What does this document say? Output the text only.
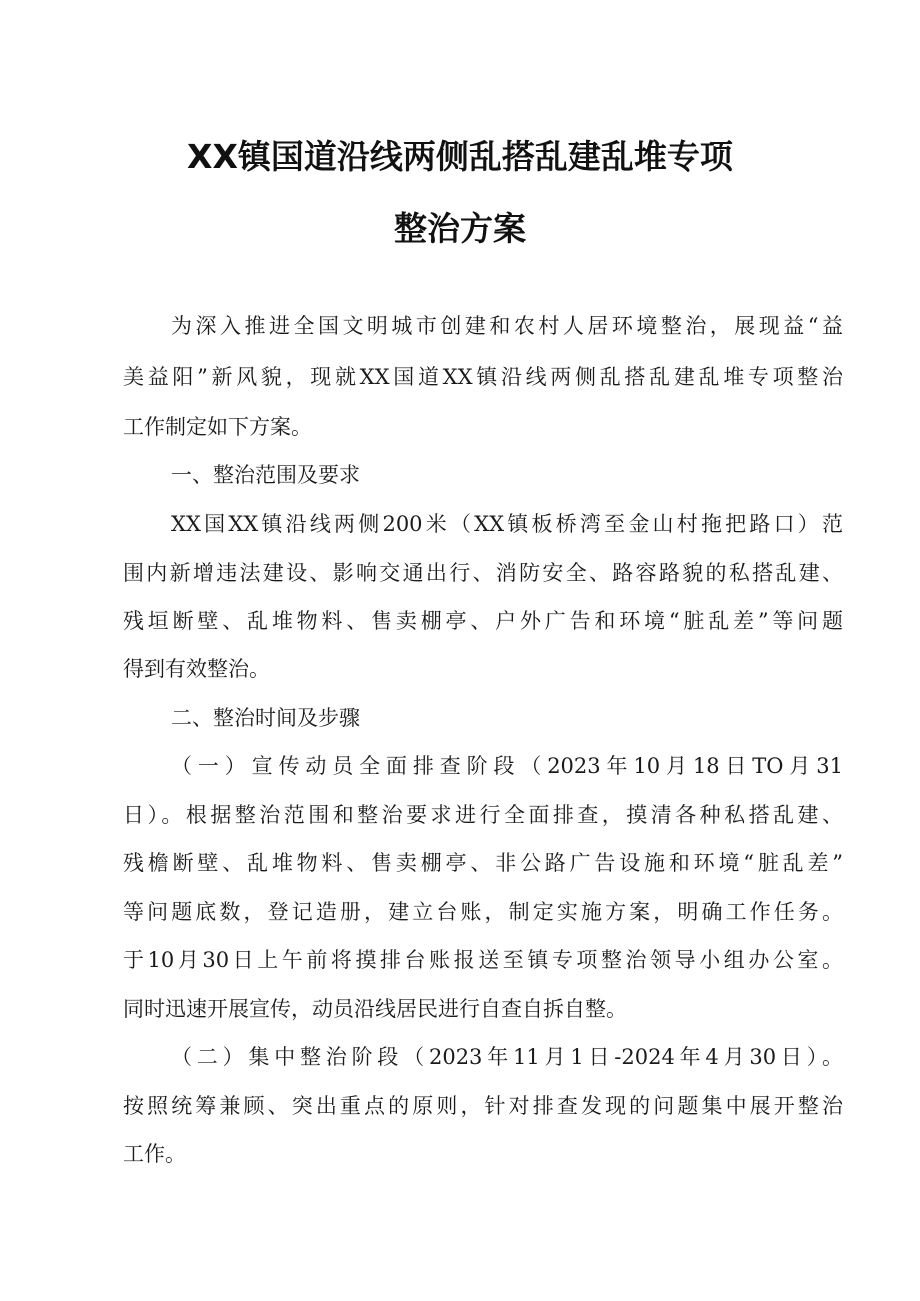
XX镇国道沿线两侧乱搭乱建乱堆专项
整治方案
为深入推进全国文明城市创建和农村人居环境整治，展现益“益
美益阳”新风貌，现就XX国道XX镇沿线两侧乱搭乱建乱堆专项整治
工作制定如下方案。
一、整治范围及要求
XX国XX镇沿线两侧200米（XX镇板桥湾至金山村拖把路口）范
围内新增违法建设、影响交通出行、消防安全、路容路貌的私搭乱建、
残垣断壁、乱堆物料、售卖棚亭、户外广告和环境“脏乱差”等问题
得到有效整治。
二、整治时间及步骤
（一）宣传动员全面排查阶段（2023年10月18日TO月31
日）。根据整治范围和整治要求进行全面排查，摸清各种私搭乱建、
残檐断壁、乱堆物料、售卖棚亭、非公路广告设施和环境“脏乱差”
等问题底数，登记造册，建立台账，制定实施方案，明确工作任务。
于10月30日上午前将摸排台账报送至镇专项整治领导小组办公室。
同时迅速开展宣传，动员沿线居民进行自查自拆自整。
（二）集中整治阶段（2023年11月1日-2024年4月30日）。
按照统筹兼顾、突出重点的原则，针对排查发现的问题集中展开整治
工作。
